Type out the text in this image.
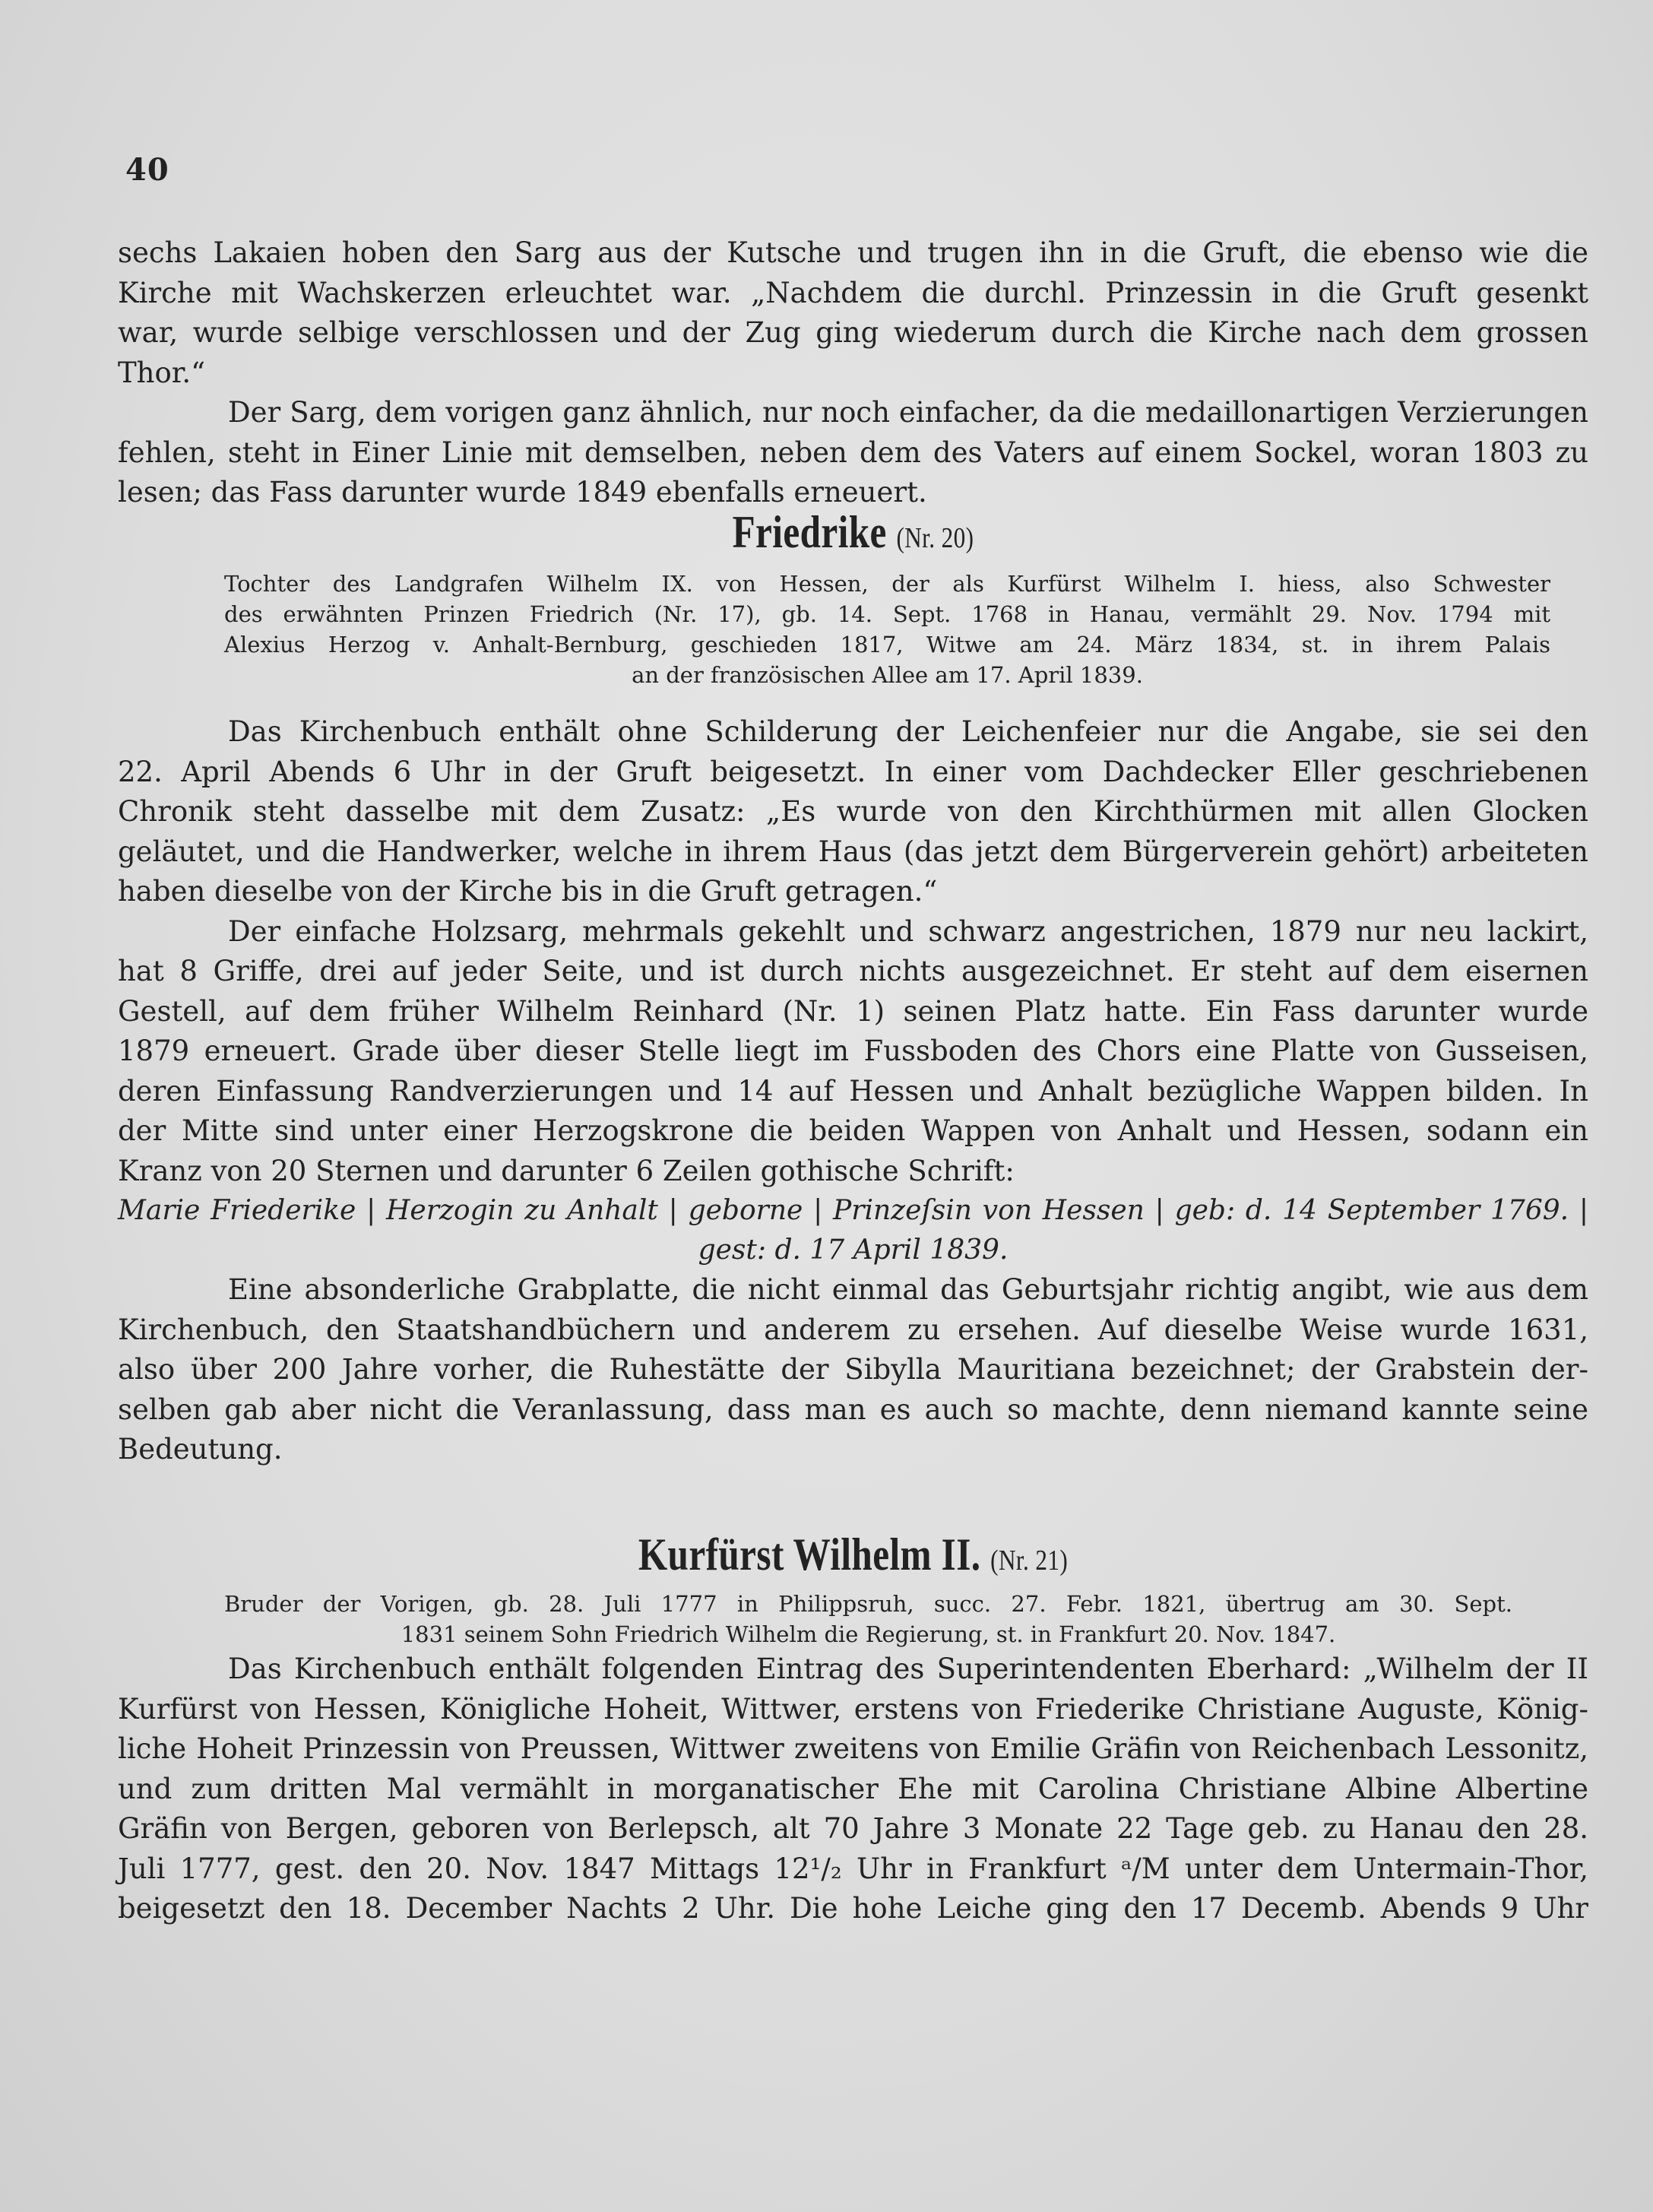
40

sechs Lakaien hoben den Sarg aus der Kutsche und trugen ihn in die Gruft, die ebenso wie die

Kirche mit Wachskerzen erleuchtet war. „Nachdem die durchl. Prinzessin in die Gruft gesenkt

war, wurde selbige verschlossen und der Zug ging wiederum durch die Kirche nach dem grossen Thor.“

Der Sarg, dem vorigen ganz ähnlich, nur noch einfacher, da die medaillonartigen Verzierungen

fehlen, steht in Einer Linie mit demselben, neben dem des Vaters auf einem Sockel, woran 1803 zu

lesen; das Fass darunter wurde 1849 ebenfalls erneuert.

Friedrike (Nr. 20)

Tochter des Landgrafen Wilhelm IX. von Hessen, der als Kurfürst Wilhelm I. hiess, also Schwester

des erwähnten Prinzen Friedrich (Nr. 17), gb. 14. Sept. 1768 in Hanau, vermählt 29. Nov. 1794 mit

Alexius Herzog v. Anhalt-Bernburg, geschieden 1817, Witwe am 24. März 1834, st. in ihrem Palais

an der französischen Allee am 17. April 1839.

Das Kirchenbuch enthält ohne Schilderung der Leichenfeier nur die Angabe, sie sei den

22. April Abends 6 Uhr in der Gruft beigesetzt. In einer vom Dachdecker Eller geschriebenen

Chronik steht dasselbe mit dem Zusatz: „Es wurde von den Kirchthürmen mit allen Glocken

geläutet, und die Handwerker, welche in ihrem Haus (das jetzt dem Bürgerverein gehört) arbeiteten

haben dieselbe von der Kirche bis in die Gruft getragen.“

Der einfache Holzsarg, mehrmals gekehlt und schwarz angestrichen, 1879 nur neu lackirt,

hat 8 Griffe, drei auf jeder Seite, und ist durch nichts ausgezeichnet. Er steht auf dem eisernen

Gestell, auf dem früher Wilhelm Reinhard (Nr. 1) seinen Platz hatte. Ein Fass darunter wurde

1879 erneuert. Grade über dieser Stelle liegt im Fussboden des Chors eine Platte von Gusseisen,

deren Einfassung Randverzierungen und 14 auf Hessen und Anhalt bezügliche Wappen bilden. In

der Mitte sind unter einer Herzogskrone die beiden Wappen von Anhalt und Hessen, sodann ein

Kranz von 20 Sternen und darunter 6 Zeilen gothische Schrift:

Marie Friederike | Herzogin zu Anhalt | geborne | Prinzeſsin von Hessen | geb: d. 14 September 1769. |

gest: d. 17 April 1839.

Eine absonderliche Grabplatte, die nicht einmal das Geburtsjahr richtig angibt, wie aus dem

Kirchenbuch, den Staatshandbüchern und anderem zu ersehen. Auf dieselbe Weise wurde 1631,

also über 200 Jahre vorher, die Ruhestätte der Sibylla Mauritiana bezeichnet; der Grabstein der-

selben gab aber nicht die Veranlassung, dass man es auch so machte, denn niemand kannte seine

Bedeutung.

Kurfürst Wilhelm II. (Nr. 21)

Bruder der Vorigen, gb. 28. Juli 1777 in Philippsruh, succ. 27. Febr. 1821, übertrug am 30. Sept.

1831 seinem Sohn Friedrich Wilhelm die Regierung, st. in Frankfurt 20. Nov. 1847.

Das Kirchenbuch enthält folgenden Eintrag des Superintendenten Eberhard: „Wilhelm der II

Kurfürst von Hessen, Königliche Hoheit, Wittwer, erstens von Friederike Christiane Auguste, König-

liche Hoheit Prinzessin von Preussen, Wittwer zweitens von Emilie Gräfin von Reichenbach Lessonitz,

und zum dritten Mal vermählt in morganatischer Ehe mit Carolina Christiane Albine Albertine

Gräfin von Bergen, geboren von Berlepsch, alt 70 Jahre 3 Monate 22 Tage geb. zu Hanau den 28.

Juli 1777, gest. den 20. Nov. 1847 Mittags 12¹/₂ Uhr in Frankfurt ᵃ/M unter dem Untermain-Thor,

beigesetzt den 18. December Nachts 2 Uhr. Die hohe Leiche ging den 17 Decemb. Abends 9 Uhr
